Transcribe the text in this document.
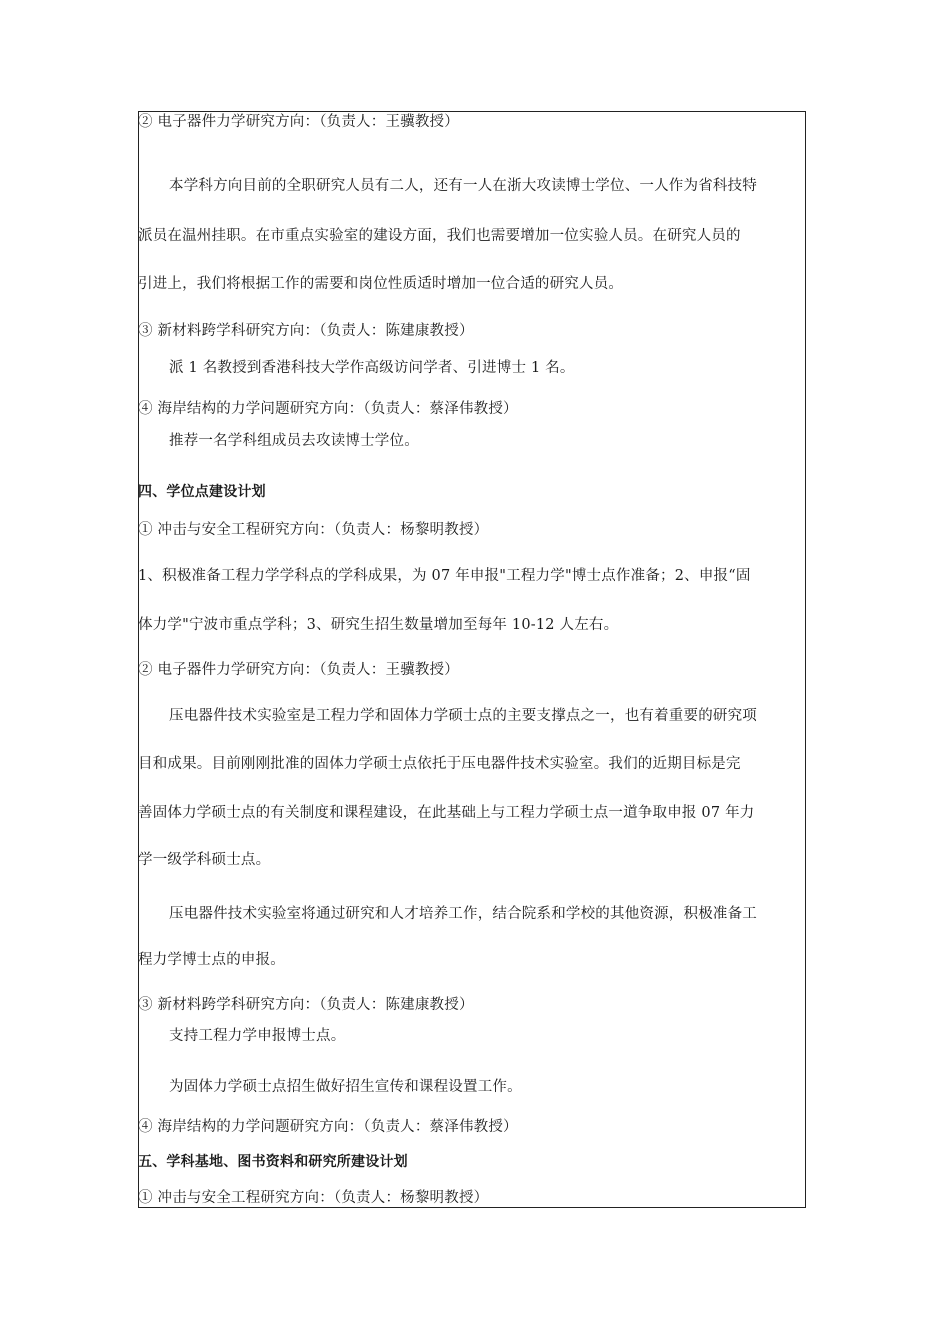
② 电子器件力学研究方向：（负责人：王骥教授）
本学科方向目前的全职研究人员有二人，还有一人在浙大攻读博士学位、一人作为省科技特
派员在温州挂职。在市重点实验室的建设方面，我们也需要增加一位实验人员。在研究人员的
引进上，我们将根据工作的需要和岗位性质适时增加一位合适的研究人员。
③ 新材料跨学科研究方向：（负责人：陈建康教授）
派 1 名教授到香港科技大学作高级访问学者、引进博士 1 名。
④ 海岸结构的力学问题研究方向：（负责人：蔡泽伟教授）
推荐一名学科组成员去攻读博士学位。
四、学位点建设计划
① 冲击与安全工程研究方向：（负责人：杨黎明教授）
1、积极准备工程力学学科点的学科成果，为 07 年申报"工程力学"博士点作准备；2、申报“固
体力学"宁波市重点学科；3、研究生招生数量增加至每年 10-12 人左右。
② 电子器件力学研究方向：（负责人：王骥教授）
压电器件技术实验室是工程力学和固体力学硕士点的主要支撑点之一，也有着重要的研究项
目和成果。目前刚刚批准的固体力学硕士点依托于压电器件技术实验室。我们的近期目标是完
善固体力学硕士点的有关制度和课程建设，在此基础上与工程力学硕士点一道争取申报 07 年力
学一级学科硕士点。
压电器件技术实验室将通过研究和人才培养工作，结合院系和学校的其他资源，积极准备工
程力学博士点的申报。
③ 新材料跨学科研究方向：（负责人：陈建康教授）
支持工程力学申报博士点。
为固体力学硕士点招生做好招生宣传和课程设置工作。
④ 海岸结构的力学问题研究方向：（负责人：蔡泽伟教授）
五、学科基地、图书资料和研究所建设计划
① 冲击与安全工程研究方向：（负责人：杨黎明教授）
